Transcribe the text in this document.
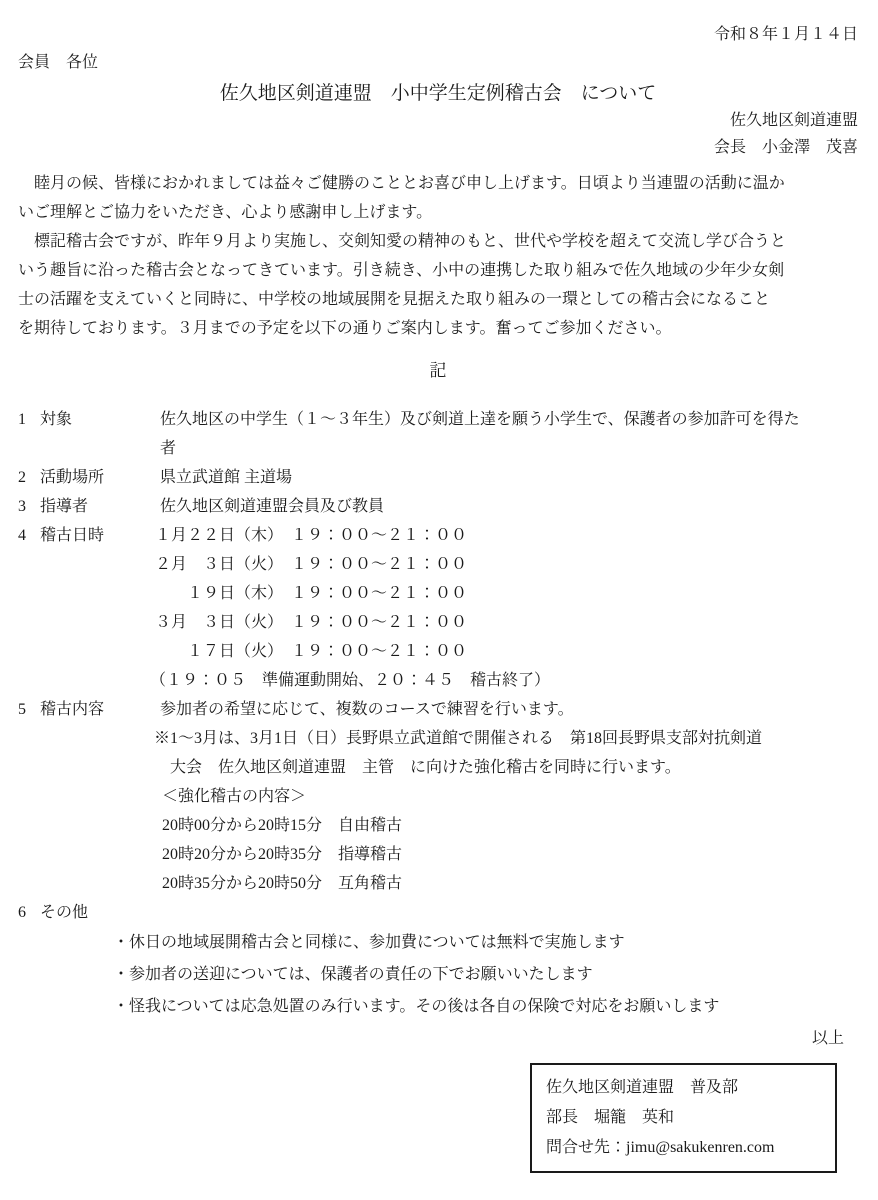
令和８年１月１４日
会員　各位
佐久地区剣道連盟　小中学生定例稽古会　について
佐久地区剣道連盟
会長　小金澤　茂喜
　睦月の候、皆様におかれましては益々ご健勝のこととお喜び申し上げます。日頃より当連盟の活動に温か
いご理解とご協力をいただき、心より感謝申し上げます。
　標記稽古会ですが、昨年９月より実施し、交剣知愛の精神のもと、世代や学校を超えて交流し学び合うと
いう趣旨に沿った稽古会となってきています。引き続き、小中の連携した取り組みで佐久地域の少年少女剣
士の活躍を支えていくと同時に、中学校の地域展開を見据えた取り組みの一環としての稽古会になること
を期待しております。３月までの予定を以下の通りご案内します。奮ってご参加ください。
記
1 対象	佐久地区の中学生（１～３年生）及び剣道上達を願う小学生で、保護者の参加許可を得た
者
2 活動場所	県立武道館 主道場
3 指導者	佐久地区剣道連盟会員及び教員
4 稽古日時	１月２２日（木）　１９：００～２１：００
２月　３日（火）　１９：００～２１：００
　　１９日（木）　１９：００～２１：００
３月　３日（火）　１９：００～２１：００
　　１７日（火）　１９：００～２１：００
（１９：０５　準備運動開始、２０：４５　稽古終了）
5 稽古内容	参加者の希望に応じて、複数のコースで練習を行います。
※1～3月は、3月1日（日）長野県立武道館で開催される　第18回長野県支部対抗剣道
大会　佐久地区剣道連盟　主管　に向けた強化稽古を同時に行います。
＜強化稽古の内容＞
20時00分から20時15分　自由稽古
20時20分から20時35分　指導稽古
20時35分から20時50分　互角稽古
6 その他
・休日の地域展開稽古会と同様に、参加費については無料で実施します
・参加者の送迎については、保護者の責任の下でお願いいたします
・怪我については応急処置のみ行います。その後は各自の保険で対応をお願いします
以上
佐久地区剣道連盟　普及部
部長　堀籠　英和
問合せ先：jimu@sakukenren.com
